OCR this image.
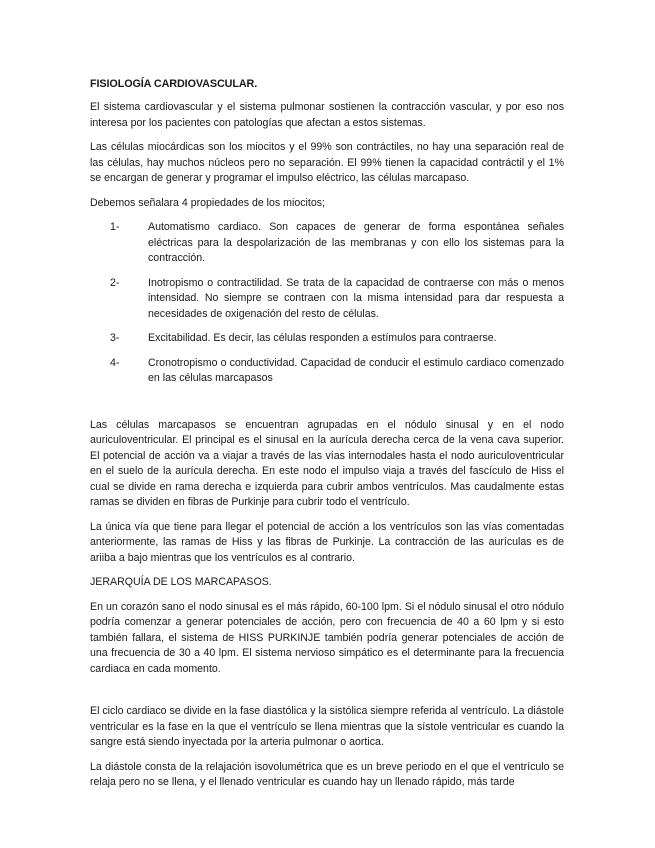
FISIOLOGÍA CARDIOVASCULAR.

El sistema cardiovascular y el sistema pulmonar sostienen la contracción vascular, y por eso nos interesa por los pacientes con patologías que afectan a estos sistemas.

Las células miocárdicas son los miocitos y el 99% son contráctiles, no hay una separación real de las células, hay muchos núcleos pero no separación. El 99% tienen la capacidad contráctil y el 1% se encargan de generar y programar el impulso eléctrico, las células marcapaso.

Debemos señalara 4 propiedades de los miocitos;

1-	Automatismo cardiaco. Son capaces de generar de forma espontánea señales eléctricas para la despolarización de las membranas y con ello los sistemas para la contracción.
2-	Inotropismo o contractilidad. Se trata de la capacidad de contraerse con más o menos intensidad. No siempre se contraen con la misma intensidad para dar respuesta a necesidades de oxigenación del resto de células.
3-	Excitabilidad. Es decir, las células responden a estímulos para contraerse.
4-	Cronotropismo o conductividad. Capacidad de conducir el estimulo cardiaco comenzado en las células marcapasos

Las células marcapasos se encuentran agrupadas en el nódulo sinusal y en el nodo auriculoventricular. El principal es el sinusal en la aurícula derecha cerca de la vena cava superior. El potencial de acción va a viajar a través de las vías internodales hasta el nodo auriculoventricular en el suelo de la aurícula derecha. En este nodo el impulso viaja a través del fascículo de Hiss el cual se divide en rama derecha e izquierda para cubrir ambos ventrículos. Mas caudalmente estas ramas se dividen en fibras de Purkinje para cubrir todo el ventrículo.

La única vía que tiene para llegar el potencial de acción a los ventrículos son las vías comentadas anteriormente, las ramas de Hiss y las fibras de Purkinje. La contracción de las aurículas es de ariiba a bajo mientras que los ventrículos es al contrario.

JERARQUÍA DE LOS MARCAPASOS.

En un corazón sano el nodo sinusal es el más rápido, 60-100 lpm. Si el nódulo sinusal el otro nódulo podría comenzar a generar potenciales de acción, pero con frecuencia de 40 a 60 lpm y si esto también fallara, el sistema de HISS PURKINJE también podría generar potenciales de acción de una frecuencia de 30 a 40 lpm. El sistema nervioso simpático es el determinante para la frecuencia cardiaca en cada momento.

El ciclo cardiaco se divide en la fase diastólica y la sistólica siempre referida al ventrículo. La diástole ventricular es la fase en la que el ventrículo se llena mientras que la sístole ventricular es cuando la sangre está siendo inyectada por la arteria pulmonar o aortica.

La diástole consta de la relajación isovolumétrica que es un breve periodo en el que el ventrículo se relaja pero no se llena, y el llenado ventricular es cuando hay un llenado rápido, más tarde
